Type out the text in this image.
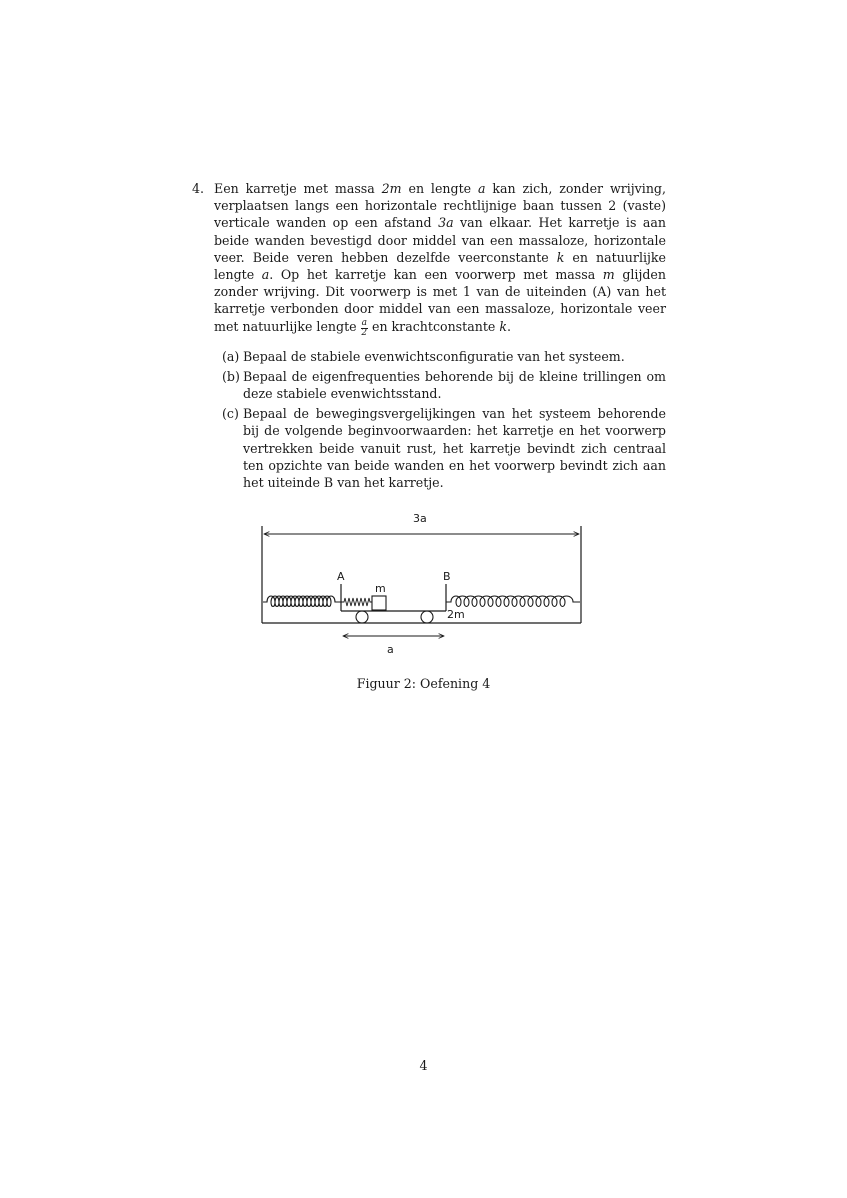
4. Een karretje met massa 2m en lengte a kan zich, zonder wrijving, verplaatsen langs een horizontale rechtlijnige baan tussen 2 (vaste) verticale wanden op een afstand 3a van elkaar. Het karretje is aan beide wanden bevestigd door middel van een massaloze, horizontale veer. Beide veren hebben dezelfde veerconstante k en natuurlijke lengte a. Op het karretje kan een voorwerp met massa m glijden zonder wrijving. Dit voorwerp is met 1 van de uiteinden (A) van het karretje verbonden door middel van een massaloze, horizontale veer met natuurlijke lengte $\frac{a}{2}$ en krachtconstante k.
(a) Bepaal de stabiele evenwichtsconfiguratie van het systeem.
(b) Bepaal de eigenfrequenties behorende bij de kleine trillingen om deze stabiele evenwichtsstand.
(c) Bepaal de bewegingsvergelijkingen van het systeem behorende bij de volgende beginvoorwaarden: het karretje en het voorwerp vertrekken beide vanuit rust, het karretje bevindt zich centraal ten opzichte van beide wanden en het voorwerp bevindt zich aan het uiteinde B van het karretje.
3a
A	B
m
2m
a
Figuur 2: Oefening 4
4
